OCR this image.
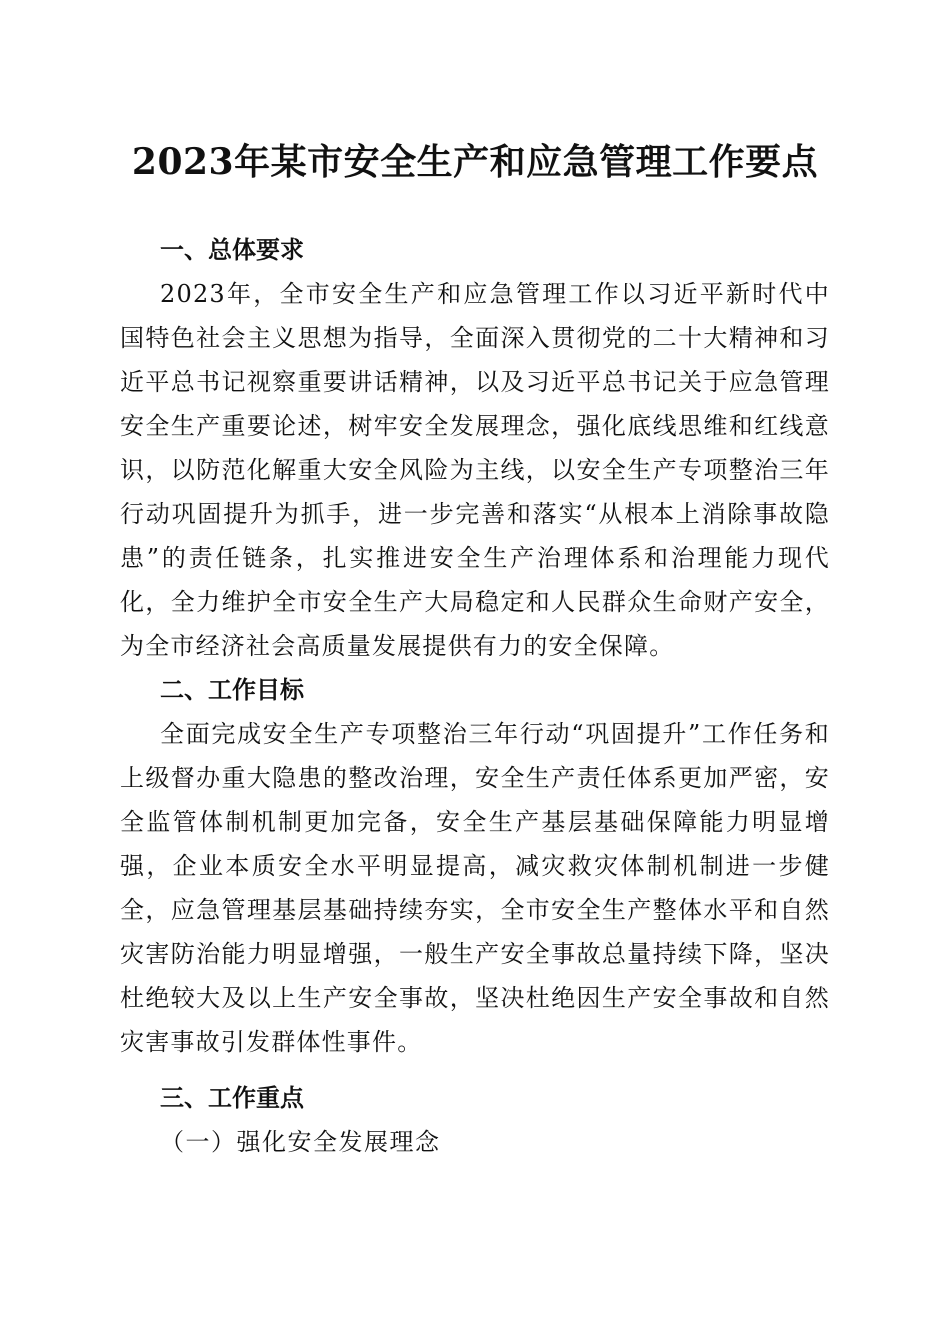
2023年某市安全生产和应急管理工作要点
一、总体要求

2023年，全市安全生产和应急管理工作以习近平新时代中国特色社会主义思想为指导，全面深入贯彻党的二十大精神和习近平总书记视察重要讲话精神，以及习近平总书记关于应急管理安全生产重要论述，树牢安全发展理念，强化底线思维和红线意识，以防范化解重大安全风险为主线，以安全生产专项整治三年行动巩固提升为抓手，进一步完善和落实“从根本上消除事故隐患”的责任链条，扎实推进安全生产治理体系和治理能力现代化，全力维护全市安全生产大局稳定和人民群众生命财产安全，为全市经济社会高质量发展提供有力的安全保障。

二、工作目标

全面完成安全生产专项整治三年行动“巩固提升”工作任务和上级督办重大隐患的整改治理，安全生产责任体系更加严密，安全监管体制机制更加完备，安全生产基层基础保障能力明显增强，企业本质安全水平明显提高，减灾救灾体制机制进一步健全，应急管理基层基础持续夯实，全市安全生产整体水平和自然灾害防治能力明显增强，一般生产安全事故总量持续下降，坚决杜绝较大及以上生产安全事故，坚决杜绝因生产安全事故和自然灾害事故引发群体性事件。

三、工作重点

（一）强化安全发展理念
